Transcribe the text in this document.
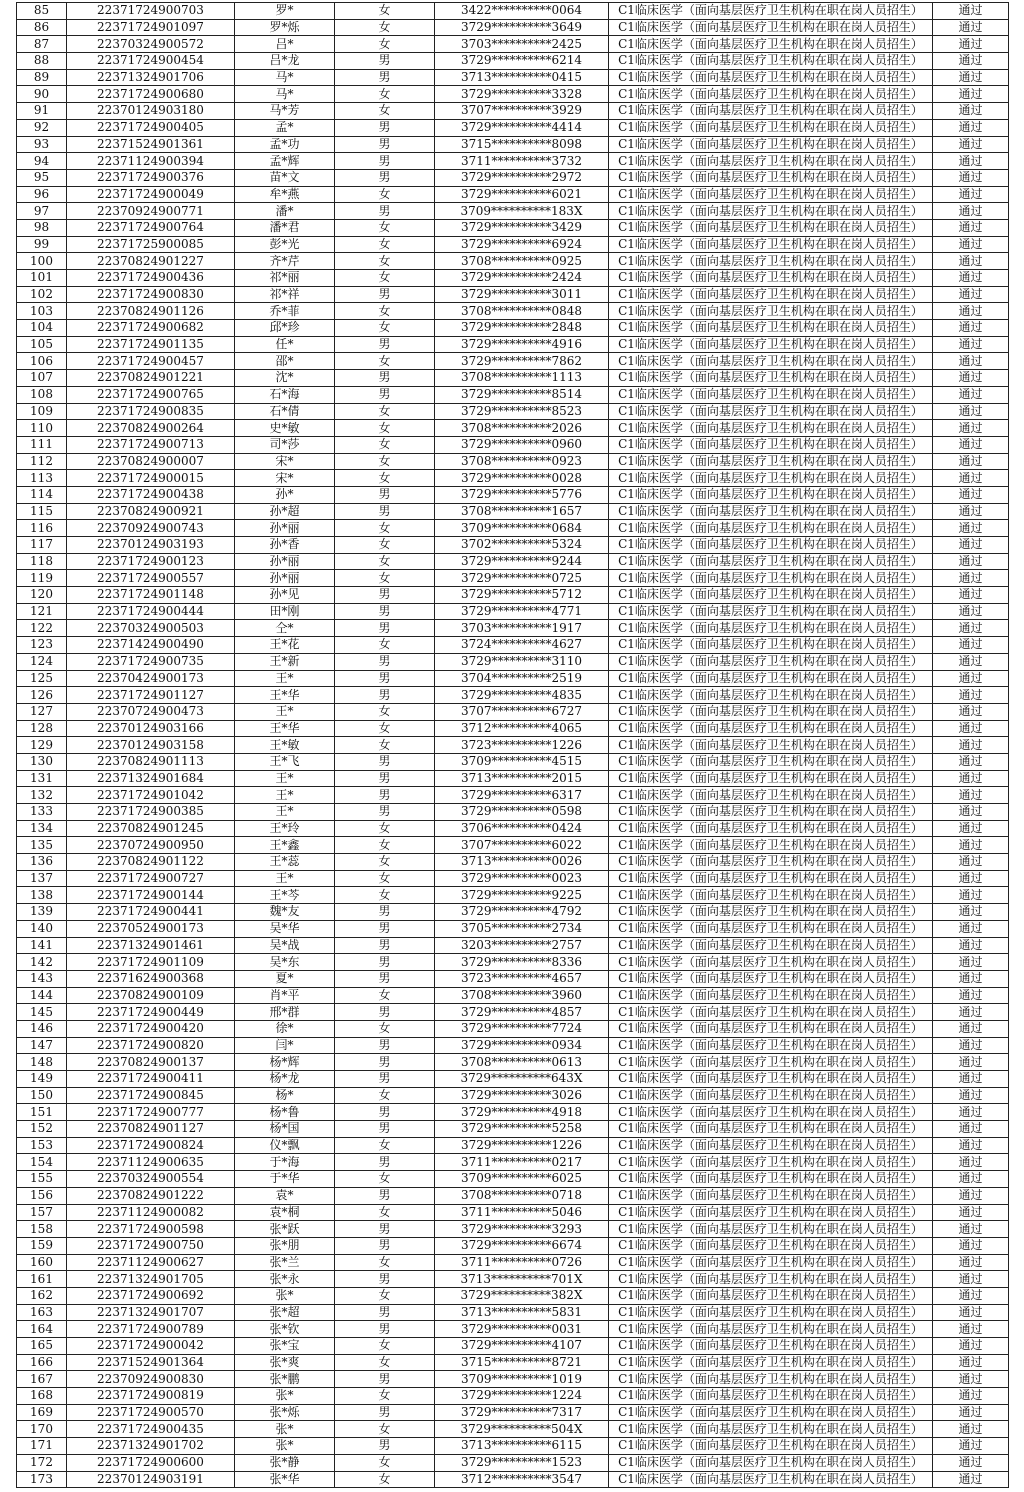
85	22371724900703	罗*	女	3422**********0064	C1临床医学（面向基层医疗卫生机构在职在岗人员招生）	通过
86	22371724901097	罗*烁	女	3729**********3649	C1临床医学（面向基层医疗卫生机构在职在岗人员招生）	通过
87	22370324900572	吕*	女	3703**********2425	C1临床医学（面向基层医疗卫生机构在职在岗人员招生）	通过
88	22371724900454	吕*龙	男	3729**********6214	C1临床医学（面向基层医疗卫生机构在职在岗人员招生）	通过
89	22371324901706	马*	男	3713**********0415	C1临床医学（面向基层医疗卫生机构在职在岗人员招生）	通过
90	22371724900680	马*	女	3729**********3328	C1临床医学（面向基层医疗卫生机构在职在岗人员招生）	通过
91	22370124903180	马*芳	女	3707**********3929	C1临床医学（面向基层医疗卫生机构在职在岗人员招生）	通过
92	22371724900405	孟*	男	3729**********4414	C1临床医学（面向基层医疗卫生机构在职在岗人员招生）	通过
93	22371524901361	孟*功	男	3715**********8098	C1临床医学（面向基层医疗卫生机构在职在岗人员招生）	通过
94	22371124900394	孟*辉	男	3711**********3732	C1临床医学（面向基层医疗卫生机构在职在岗人员招生）	通过
95	22371724900376	苗*文	男	3729**********2972	C1临床医学（面向基层医疗卫生机构在职在岗人员招生）	通过
96	22371724900049	牟*燕	女	3729**********6021	C1临床医学（面向基层医疗卫生机构在职在岗人员招生）	通过
97	22370924900771	潘*	男	3709**********183X	C1临床医学（面向基层医疗卫生机构在职在岗人员招生）	通过
98	22371724900764	潘*君	女	3729**********3429	C1临床医学（面向基层医疗卫生机构在职在岗人员招生）	通过
99	22371725900085	彭*光	女	3729**********6924	C1临床医学（面向基层医疗卫生机构在职在岗人员招生）	通过
100	22370824901227	齐*芹	女	3708**********0925	C1临床医学（面向基层医疗卫生机构在职在岗人员招生）	通过
101	22371724900436	祁*丽	女	3729**********2424	C1临床医学（面向基层医疗卫生机构在职在岗人员招生）	通过
102	22371724900830	祁*祥	男	3729**********3011	C1临床医学（面向基层医疗卫生机构在职在岗人员招生）	通过
103	22370824901126	乔*菲	女	3708**********0848	C1临床医学（面向基层医疗卫生机构在职在岗人员招生）	通过
104	22371724900682	邱*珍	女	3729**********2848	C1临床医学（面向基层医疗卫生机构在职在岗人员招生）	通过
105	22371724901135	任*	男	3729**********4916	C1临床医学（面向基层医疗卫生机构在职在岗人员招生）	通过
106	22371724900457	邵*	女	3729**********7862	C1临床医学（面向基层医疗卫生机构在职在岗人员招生）	通过
107	22370824901221	沈*	男	3708**********1113	C1临床医学（面向基层医疗卫生机构在职在岗人员招生）	通过
108	22371724900765	石*海	男	3729**********8514	C1临床医学（面向基层医疗卫生机构在职在岗人员招生）	通过
109	22371724900835	石*倩	女	3729**********8523	C1临床医学（面向基层医疗卫生机构在职在岗人员招生）	通过
110	22370824900264	史*敏	女	3708**********2026	C1临床医学（面向基层医疗卫生机构在职在岗人员招生）	通过
111	22371724900713	司*莎	女	3729**********0960	C1临床医学（面向基层医疗卫生机构在职在岗人员招生）	通过
112	22370824900007	宋*	女	3708**********0923	C1临床医学（面向基层医疗卫生机构在职在岗人员招生）	通过
113	22371724900015	宋*	女	3729**********0028	C1临床医学（面向基层医疗卫生机构在职在岗人员招生）	通过
114	22371724900438	孙*	男	3729**********5776	C1临床医学（面向基层医疗卫生机构在职在岗人员招生）	通过
115	22370824900921	孙*超	男	3708**********1657	C1临床医学（面向基层医疗卫生机构在职在岗人员招生）	通过
116	22370924900743	孙*丽	女	3709**********0684	C1临床医学（面向基层医疗卫生机构在职在岗人员招生）	通过
117	22370124903193	孙*香	女	3702**********5324	C1临床医学（面向基层医疗卫生机构在职在岗人员招生）	通过
118	22371724900123	孙*丽	女	3729**********9244	C1临床医学（面向基层医疗卫生机构在职在岗人员招生）	通过
119	22371724900557	孙*丽	女	3729**********0725	C1临床医学（面向基层医疗卫生机构在职在岗人员招生）	通过
120	22371724901148	孙*见	男	3729**********5712	C1临床医学（面向基层医疗卫生机构在职在岗人员招生）	通过
121	22371724900444	田*刚	男	3729**********4771	C1临床医学（面向基层医疗卫生机构在职在岗人员招生）	通过
122	22370324900503	仝*	男	3703**********1917	C1临床医学（面向基层医疗卫生机构在职在岗人员招生）	通过
123	22371424900490	王*花	女	3724**********4627	C1临床医学（面向基层医疗卫生机构在职在岗人员招生）	通过
124	22371724900735	王*新	男	3729**********3110	C1临床医学（面向基层医疗卫生机构在职在岗人员招生）	通过
125	22370424900173	王*	男	3704**********2519	C1临床医学（面向基层医疗卫生机构在职在岗人员招生）	通过
126	22371724901127	王*华	男	3729**********4835	C1临床医学（面向基层医疗卫生机构在职在岗人员招生）	通过
127	22370724900473	王*	女	3707**********6727	C1临床医学（面向基层医疗卫生机构在职在岗人员招生）	通过
128	22370124903166	王*华	女	3712**********4065	C1临床医学（面向基层医疗卫生机构在职在岗人员招生）	通过
129	22370124903158	王*敏	女	3723**********1226	C1临床医学（面向基层医疗卫生机构在职在岗人员招生）	通过
130	22370824901113	王*飞	男	3709**********4515	C1临床医学（面向基层医疗卫生机构在职在岗人员招生）	通过
131	22371324901684	王*	男	3713**********2015	C1临床医学（面向基层医疗卫生机构在职在岗人员招生）	通过
132	22371724901042	王*	男	3729**********6317	C1临床医学（面向基层医疗卫生机构在职在岗人员招生）	通过
133	22371724900385	王*	男	3729**********0598	C1临床医学（面向基层医疗卫生机构在职在岗人员招生）	通过
134	22370824901245	王*玲	女	3706**********0424	C1临床医学（面向基层医疗卫生机构在职在岗人员招生）	通过
135	22370724900950	王*鑫	女	3707**********6022	C1临床医学（面向基层医疗卫生机构在职在岗人员招生）	通过
136	22370824901122	王*蕊	女	3713**********0026	C1临床医学（面向基层医疗卫生机构在职在岗人员招生）	通过
137	22371724900727	王*	女	3729**********0023	C1临床医学（面向基层医疗卫生机构在职在岗人员招生）	通过
138	22371724900144	王*芩	女	3729**********9225	C1临床医学（面向基层医疗卫生机构在职在岗人员招生）	通过
139	22371724900441	魏*友	男	3729**********4792	C1临床医学（面向基层医疗卫生机构在职在岗人员招生）	通过
140	22370524900173	吴*华	男	3705**********2734	C1临床医学（面向基层医疗卫生机构在职在岗人员招生）	通过
141	22371324901461	吴*战	男	3203**********2757	C1临床医学（面向基层医疗卫生机构在职在岗人员招生）	通过
142	22371724901109	吴*东	男	3729**********8336	C1临床医学（面向基层医疗卫生机构在职在岗人员招生）	通过
143	22371624900368	夏*	男	3723**********4657	C1临床医学（面向基层医疗卫生机构在职在岗人员招生）	通过
144	22370824900109	肖*平	女	3708**********3960	C1临床医学（面向基层医疗卫生机构在职在岗人员招生）	通过
145	22371724900449	邢*群	男	3729**********4857	C1临床医学（面向基层医疗卫生机构在职在岗人员招生）	通过
146	22371724900420	徐*	女	3729**********7724	C1临床医学（面向基层医疗卫生机构在职在岗人员招生）	通过
147	22371724900820	闫*	男	3729**********0934	C1临床医学（面向基层医疗卫生机构在职在岗人员招生）	通过
148	22370824900137	杨*辉	男	3708**********0613	C1临床医学（面向基层医疗卫生机构在职在岗人员招生）	通过
149	22371724900411	杨*龙	男	3729**********643X	C1临床医学（面向基层医疗卫生机构在职在岗人员招生）	通过
150	22371724900845	杨*	女	3729**********3026	C1临床医学（面向基层医疗卫生机构在职在岗人员招生）	通过
151	22371724900777	杨*鲁	男	3729**********4918	C1临床医学（面向基层医疗卫生机构在职在岗人员招生）	通过
152	22370824901127	杨*国	男	3729**********5258	C1临床医学（面向基层医疗卫生机构在职在岗人员招生）	通过
153	22371724900824	仪*飘	女	3729**********1226	C1临床医学（面向基层医疗卫生机构在职在岗人员招生）	通过
154	22371124900635	于*海	男	3711**********0217	C1临床医学（面向基层医疗卫生机构在职在岗人员招生）	通过
155	22370324900554	于*华	女	3709**********6025	C1临床医学（面向基层医疗卫生机构在职在岗人员招生）	通过
156	22370824901222	袁*	男	3708**********0718	C1临床医学（面向基层医疗卫生机构在职在岗人员招生）	通过
157	22371124900082	袁*桐	女	3711**********5046	C1临床医学（面向基层医疗卫生机构在职在岗人员招生）	通过
158	22371724900598	张*跃	男	3729**********3293	C1临床医学（面向基层医疗卫生机构在职在岗人员招生）	通过
159	22371724900750	张*朋	男	3729**********6674	C1临床医学（面向基层医疗卫生机构在职在岗人员招生）	通过
160	22371124900627	张*兰	女	3711**********0726	C1临床医学（面向基层医疗卫生机构在职在岗人员招生）	通过
161	22371324901705	张*永	男	3713**********701X	C1临床医学（面向基层医疗卫生机构在职在岗人员招生）	通过
162	22371724900692	张*	女	3729**********382X	C1临床医学（面向基层医疗卫生机构在职在岗人员招生）	通过
163	22371324901707	张*超	男	3713**********5831	C1临床医学（面向基层医疗卫生机构在职在岗人员招生）	通过
164	22371724900789	张*钦	男	3729**********0031	C1临床医学（面向基层医疗卫生机构在职在岗人员招生）	通过
165	22371724900042	张*宝	女	3729**********4107	C1临床医学（面向基层医疗卫生机构在职在岗人员招生）	通过
166	22371524901364	张*爽	女	3715**********8721	C1临床医学（面向基层医疗卫生机构在职在岗人员招生）	通过
167	22370924900830	张*鹏	男	3709**********1019	C1临床医学（面向基层医疗卫生机构在职在岗人员招生）	通过
168	22371724900819	张*	女	3729**********1224	C1临床医学（面向基层医疗卫生机构在职在岗人员招生）	通过
169	22371724900570	张*烁	男	3729**********7317	C1临床医学（面向基层医疗卫生机构在职在岗人员招生）	通过
170	22371724900435	张*	女	3729**********504X	C1临床医学（面向基层医疗卫生机构在职在岗人员招生）	通过
171	22371324901702	张*	男	3713**********6115	C1临床医学（面向基层医疗卫生机构在职在岗人员招生）	通过
172	22371724900600	张*静	女	3729**********1523	C1临床医学（面向基层医疗卫生机构在职在岗人员招生）	通过
173	22370124903191	张*华	女	3712**********3547	C1临床医学（面向基层医疗卫生机构在职在岗人员招生）	通过
